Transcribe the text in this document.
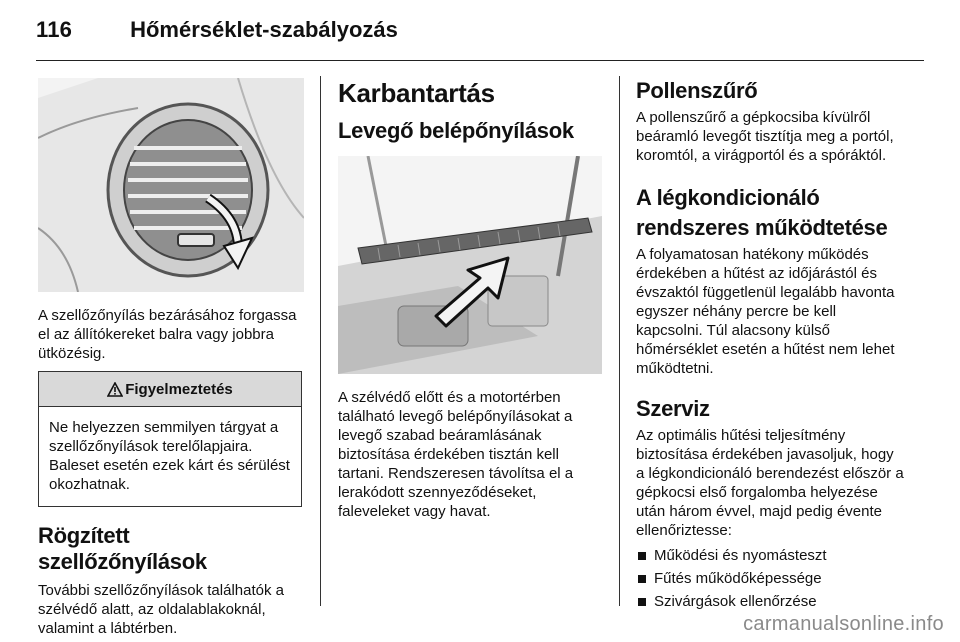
116	Hőmérséklet-szabályozás

A szellőzőnyílás bezárásához forgassa el az állítókereket balra vagy jobbra ütközésig.

Figyelmeztetés
Ne helyezzen semmilyen tárgyat a szellőzőnyílások terelőlapjaira. Baleset esetén ezek kárt és sérülést okozhatnak.
Rögzített szellőzőnyílások

További szellőzőnyílások találhatók a szélvédő alatt, az oldalablakoknál, valamint a lábtérben.

Karbantartás
Levegő belépőnyílások

A szélvédő előtt és a motortérben található levegő belépőnyílásokat a levegő szabad beáramlásának biztosítása érdekében tisztán kell tartani. Rendszeresen távolítsa el a lerakódott szennyeződéseket, faleveleket vagy havat.

Pollenszűrő

A pollenszűrő a gépkocsiba kívülről beáramló levegőt tisztítja meg a portól, koromtól, a virágportól és a spóráktól.

A légkondicionáló rendszeres működtetése

A folyamatosan hatékony működés érdekében a hűtést az időjárástól és évszaktól függetlenül legalább havonta egyszer néhány percre be kell kapcsolni. Túl alacsony külső hőmérséklet esetén a hűtést nem lehet működtetni.

Szerviz

Az optimális hűtési teljesítmény biztosítása érdekében javasoljuk, hogy a légkondicionáló berendezést először a gépkocsi első forgalomba helyezése után három évvel, majd pedig évente ellenőriztesse:

Működési és nyomásteszt
Fűtés működőképessége
Szivárgások ellenőrzése
carmanualsonline.info
